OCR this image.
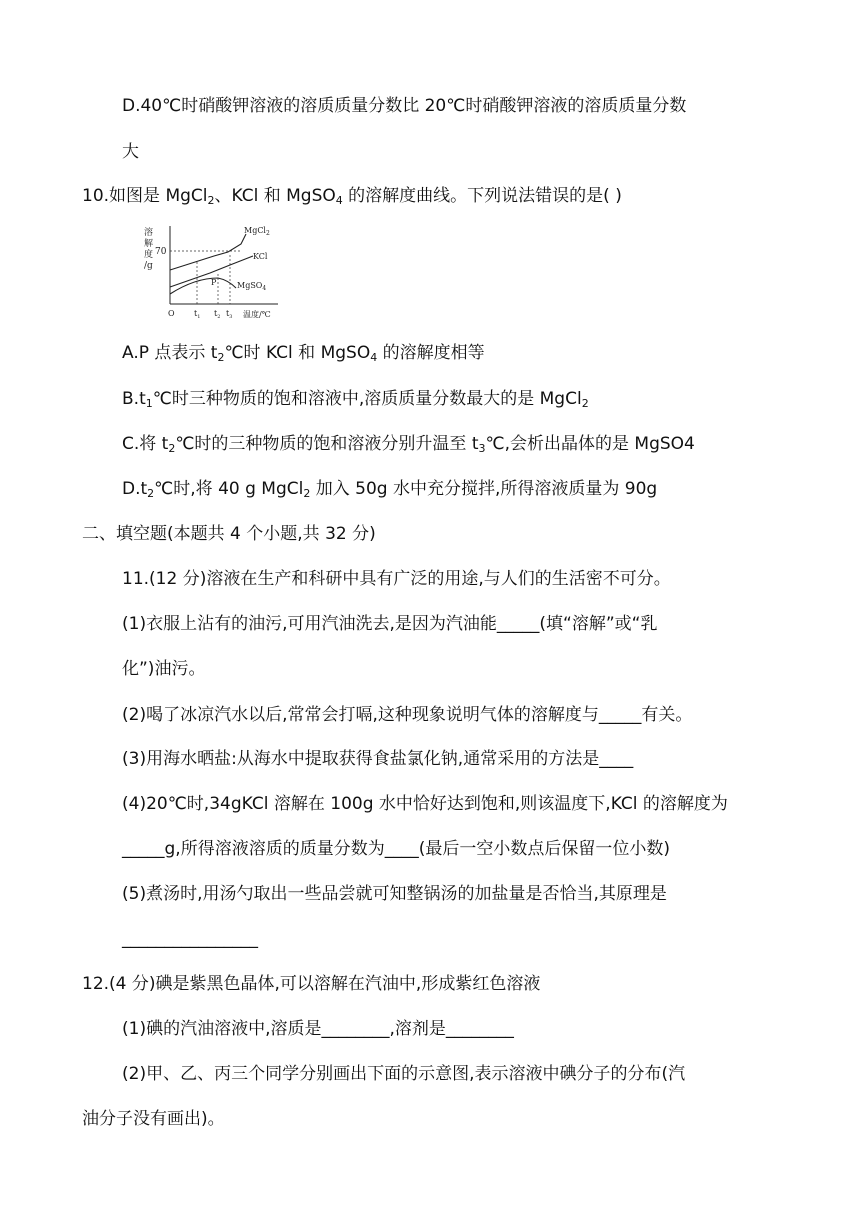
D.40℃时硝酸钾溶液的溶质质量分数比 20℃时硝酸钾溶液的溶质质量分数
大
10.如图是 MgCl$_2$、KCl 和 MgSO$_4$ 的溶解度曲线。下列说法错误的是( )
溶
解
度
/g
70
MgCl$_2$
KCl
MgSO$_4$
P
O $t_1$ $t_2$ $t_3$ 温度/℃
A.P 点表示 $t_2℃$时 KCl 和 MgSO$_4$ 的溶解度相等
$B.t_1℃$时三种物质的饱和溶液中,溶质质量分数最大的是 MgCl$_2$
C.将 $t_2℃$时的三种物质的饱和溶液分别升温至 $t_3℃$,会析出晶体的是 MgSO4
$D.t_2℃$时,将 40 g MgCl$_2$ 加入 50g 水中充分搅拌,所得溶液质量为 90g
二、填空题(本题共 4 个小题,共 32 分)
11.(12 分)溶液在生产和科研中具有广泛的用途,与人们的生活密不可分。
(1)衣服上沾有的油污,可用汽油洗去,是因为汽油能_____(填“溶解”或“乳
化”)油污。
(2)喝了冰凉汽水以后,常常会打嗝,这种现象说明气体的溶解度与_____有关。
(3)用海水晒盐:从海水中提取获得食盐氯化钠,通常采用的方法是____
(4)20℃时,34gKCl 溶解在 100g 水中恰好达到饱和,则该温度下,KCl 的溶解度为
_____g,所得溶液溶质的质量分数为____(最后一空小数点后保留一位小数)
(5)煮汤时,用汤勺取出一些品尝就可知整锅汤的加盐量是否恰当,其原理是
________________
12.(4 分)碘是紫黑色晶体,可以溶解在汽油中,形成紫红色溶液
(1)碘的汽油溶液中,溶质是________,溶剂是________
(2)甲、乙、丙三个同学分别画出下面的示意图,表示溶液中碘分子的分布(汽
油分子没有画出)。
